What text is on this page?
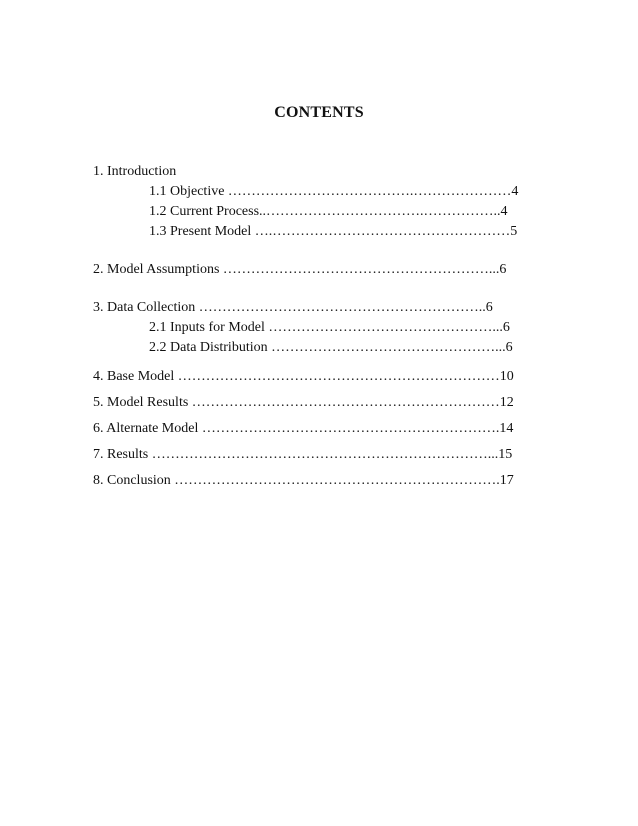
CONTENTS
1. Introduction
1.1 Objective ………………………………….…………………4
1.2 Current Process..…………………………….……………..4
1.3 Present Model ….……………………………………………5
2. Model Assumptions …………………………………………………...6
3. Data Collection ……………………………………………………..6
2.1 Inputs for Model …………………………………………...6
2.2 Data Distribution …………………………………………...6
4. Base Model ……………………………………………………………10
5. Model Results …………………………………………………………12
6. Alternate Model ……………………………………………………….14
7. Results ………………………………………………………………...15
8. Conclusion …………………………………………………………….17
